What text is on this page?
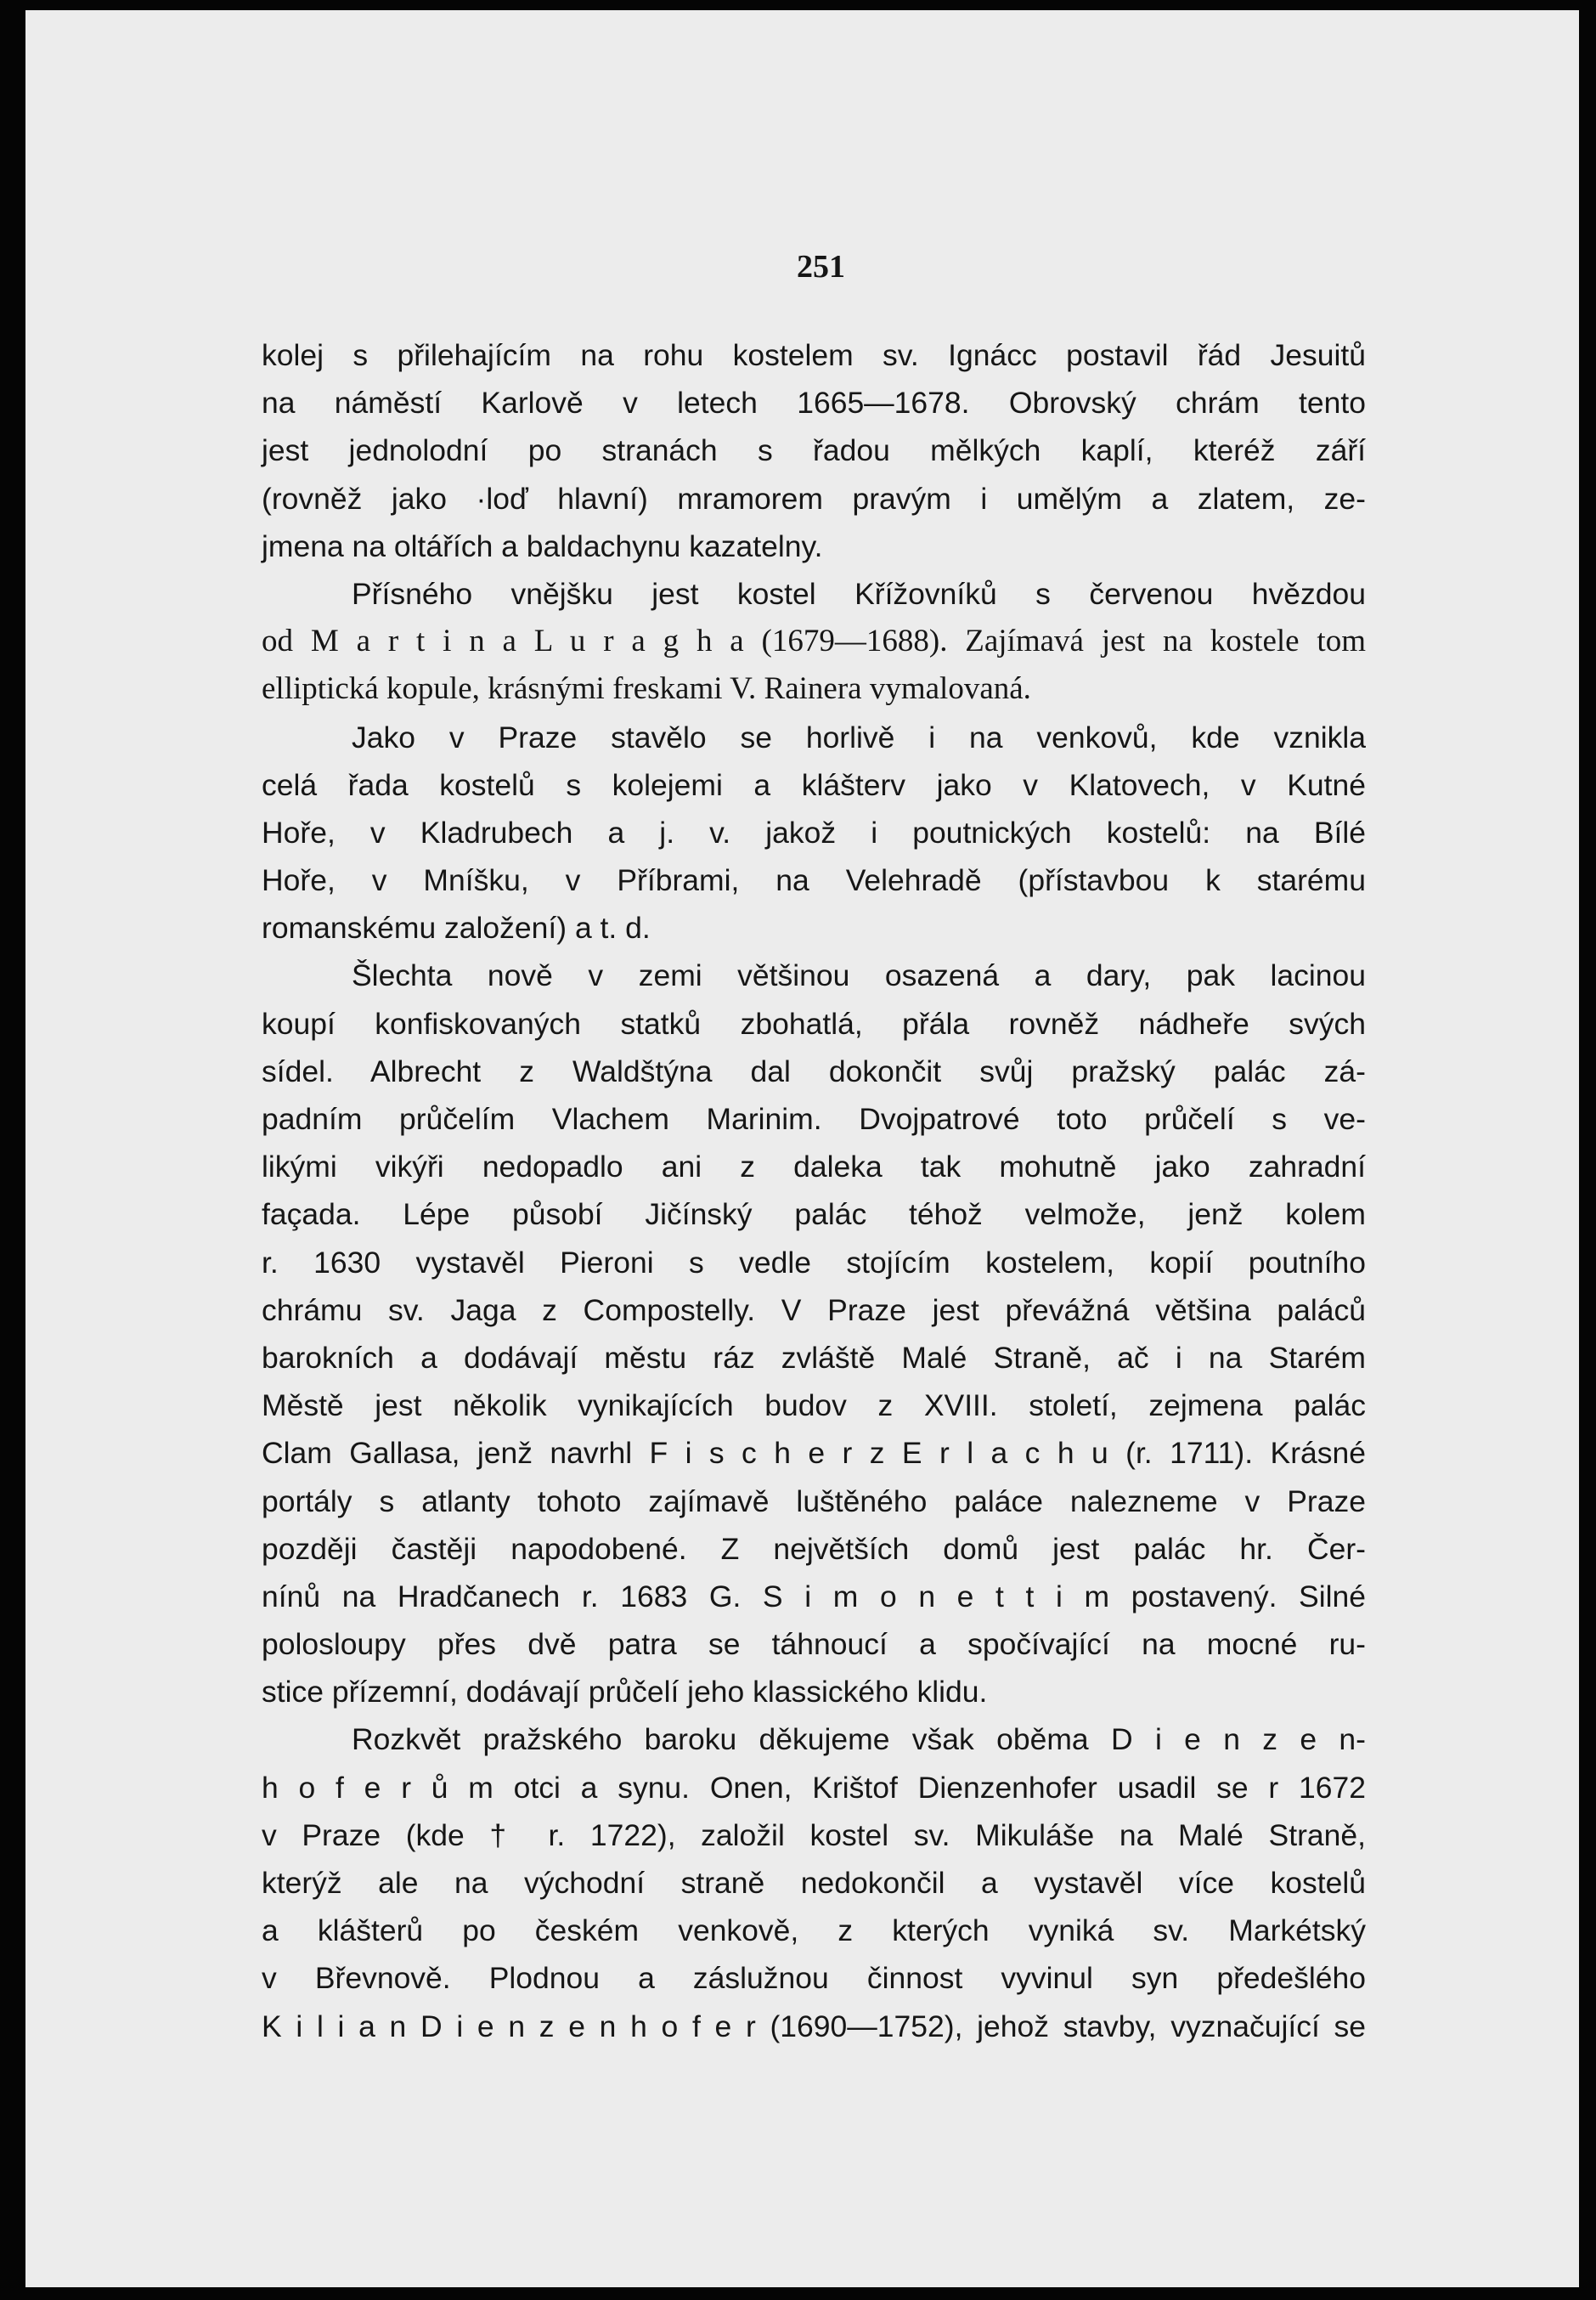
251

kolej s přilehajícím na rohu kostelem sv. Ignácc postavil řád Jesuitů
na náměstí Karlově v letech 1665—1678. Obrovský chrám tento
jest jednolodní po stranách s řadou mělkých kaplí, kteréž září
(rovněž jako ·loď hlavní) mramorem pravým i umělým a zlatem, ze-
jmena na oltářích a baldachynu kazatelny.
Přísného vnějšku jest kostel Křížovníků s červenou hvězdou
od M a r t i n a L u r a g h a (1679—1688). Zajímavá jest na kostele tom
elliptická kopule, krásnými freskami V. Rainera vymalovaná.
Jako v Praze stavělo se horlivě i na venkovů, kde vznikla
celá řada kostelů s kolejemi a klášterv jako v Klatovech, v Kutné
Hoře, v Kladrubech a j. v. jakož i poutnických kostelů: na Bílé
Hoře, v Mníšku, v Příbrami, na Velehradě (přístavbou k starému
romanskému založení) a t. d.
Šlechta nově v zemi většinou osazená a dary, pak lacinou
koupí konfiskovaných statků zbohatlá, přála rovněž nádheře svých
sídel. Albrecht z Waldštýna dal dokončit svůj pražský palác zá-
padním průčelím Vlachem Marinim. Dvojpatrové toto průčelí s ve-
likými vikýři nedopadlo ani z daleka tak mohutně jako zahradní
façada. Lépe působí Jičínský palác téhož velmože, jenž kolem
r. 1630 vystavěl Pieroni s vedle stojícím kostelem, kopií poutního
chrámu sv. Jaga z Compostelly. V Praze jest převážná většina paláců
barokních a dodávají městu ráz zvláště Malé Straně, ač i na Starém
Městě jest několik vynikajících budov z XVIII. století, zejmena palác
Clam Gallasa, jenž navrhl F i s c h e r z E r l a c h u (r. 1711). Krásné
portály s atlanty tohoto zajímavě luštěného paláce nalezneme v Praze
později častěji napodobené. Z největších domů jest palác hr. Čer-
nínů na Hradčanech r. 1683 G. S i m o n e t t i m postavený. Silné
polosloupy přes dvě patra se táhnoucí a spočívající na mocné ru-
stice přízemní, dodávají průčelí jeho klassického klidu.
Rozkvět pražského baroku děkujeme však oběma D i e n z e n-
h o f e r ů m otci a synu. Onen, Krištof Dienzenhofer usadil se r 1672
v Praze (kde † r. 1722), založil kostel sv. Mikuláše na Malé Straně,
kterýž ale na východní straně nedokončil a vystavěl více kostelů
a klášterů po českém venkově, z kterých vyniká sv. Markétský
v Břevnově. Plodnou a záslužnou činnost vyvinul syn předešlého
K i l i a n D i e n z e n h o f e r (1690—1752), jehož stavby, vyznačující se
